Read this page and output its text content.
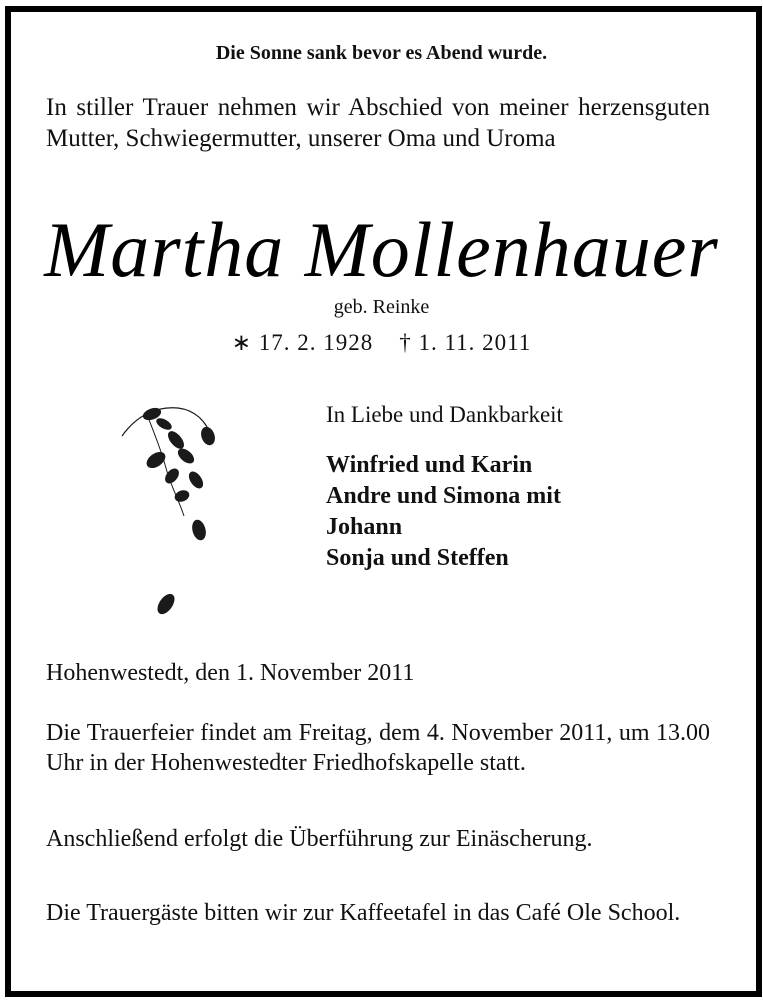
Die Sonne sank bevor es Abend wurde.
In stiller Trauer nehmen wir Abschied von meiner herzensguten Mutter, Schwiegermutter, unserer Oma und Uroma
Martha Mollenhauer
geb. Reinke
∗ 17. 2. 1928 † 1. 11. 2011
In Liebe und Dankbarkeit
Winfried und Karin
Andre und Simona mit
Johann
Sonja und Steffen
Hohenwestedt, den 1. November 2011

Die Trauerfeier findet am Freitag, dem 4. November 2011, um 13.00 Uhr in der Hohenwestedter Friedhofskapelle statt.

Anschließend erfolgt die Überführung zur Einäscherung.

Die Trauergäste bitten wir zur Kaffeetafel in das Café Ole School.
